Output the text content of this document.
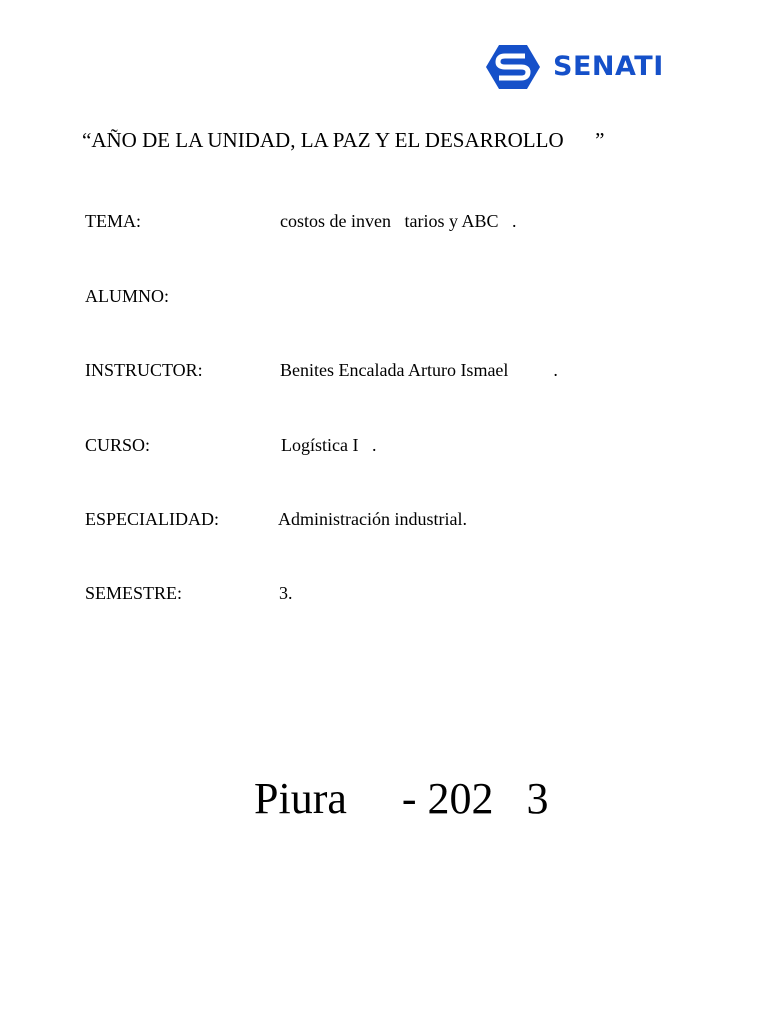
SENATI
“AÑO DE LA UNIDAD, LA PAZ Y EL DESARROLLO      ”

TEMA:

	costos de inven   tarios y ABC   .

ALUMNO:

INSTRUCTOR:

	Benites Encalada Arturo Ismael          .

CURSO:

	Logística I   .

ESPECIALIDAD:

	Administración industrial.

SEMESTRE:

	3.

Piura - 202   3
